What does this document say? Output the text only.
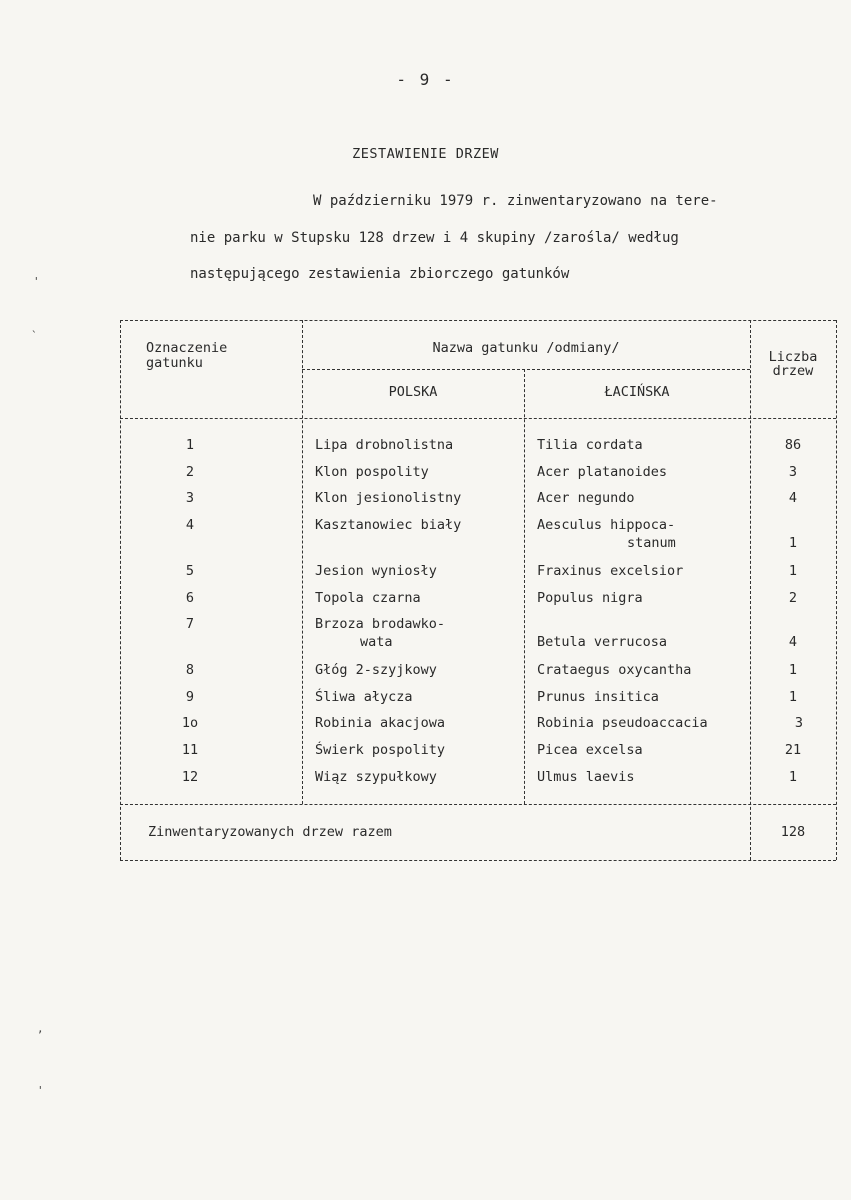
- 9 -
ZESTAWIENIE DRZEW
W październiku 1979 r. zinwentaryzowano na tere-
nie parku w Stupsku 128 drzew i 4 skupiny /zarośla/ według
następującego zestawienia zbiorczego gatunków
Oznaczenie
gatunku
Nazwa gatunku /odmiany/
POLSKA	ŁACIŃSKA
Liczba
drzew
1	Lipa drobnolistna	Tilia cordata	86
2	Klon pospolity	Acer platanoides	3
3	Klon jesionolistny	Acer negundo	4
4	Kasztanowiec biały	Aesculus hippoca-
stanum	1
5	Jesion wyniosły	Fraxinus excelsior	1
6	Topola czarna	Populus nigra	2
7	Brzoza brodawko-
wata	Betula verrucosa	4
8	Głóg 2-szyjkowy	Crataegus oxycantha	1
9	Śliwa ałycza	Prunus insitica	1
1o	Robinia akacjowa	Robinia pseudoaccacia	3
11	Świerk pospolity	Picea excelsa	21
12	Wiąz szypułkowy	Ulmus laevis	1
Zinwentaryzowanych drzew razem	128
'
`
,
'
